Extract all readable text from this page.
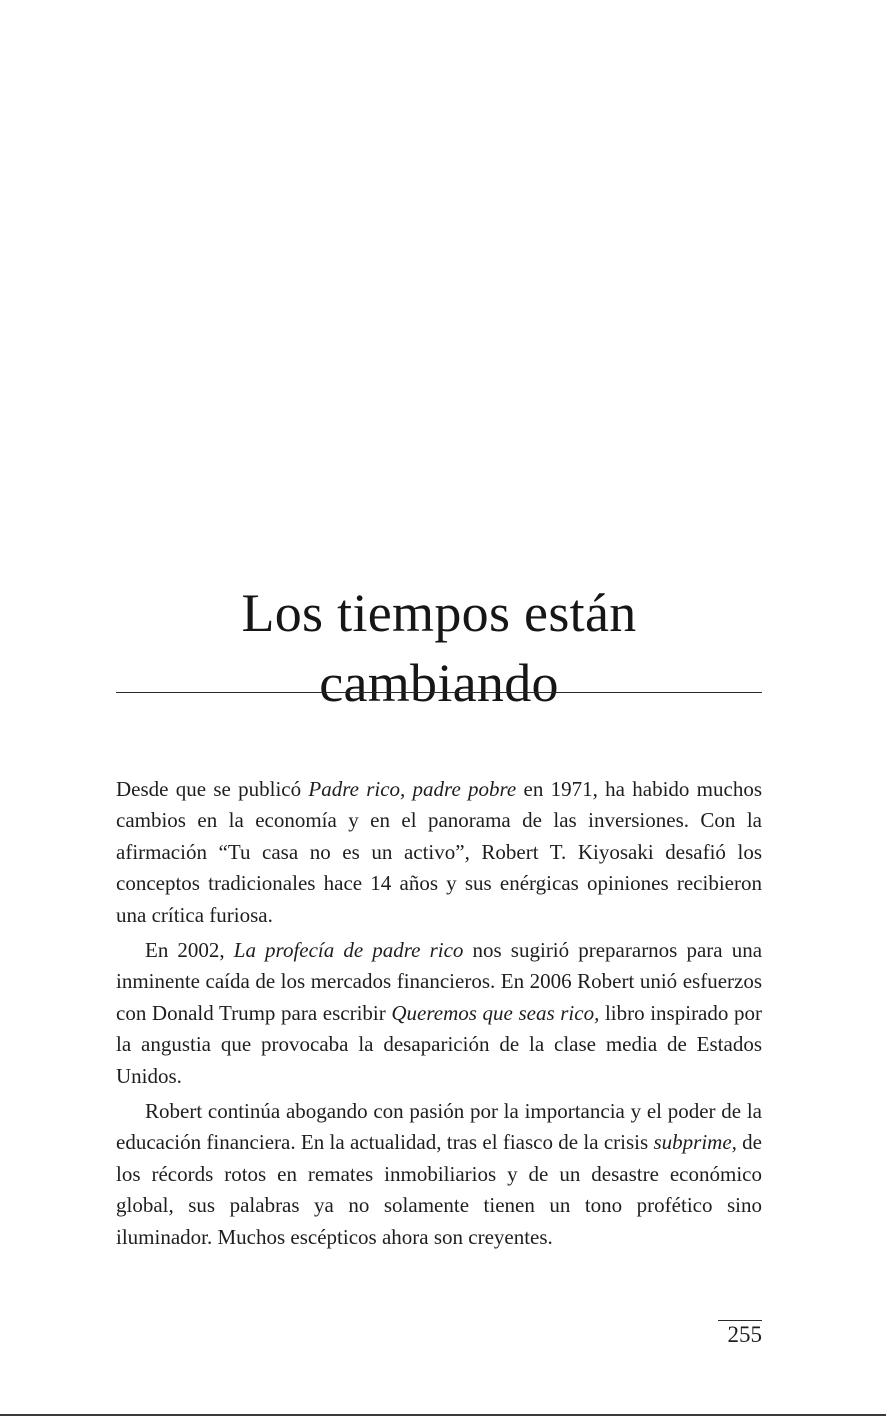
Los tiempos están
cambiando

Desde que se publicó Padre rico, padre pobre en 1971, ha habido muchos cambios en la economía y en el panorama de las inversiones. Con la afirmación “Tu casa no es un activo”, Robert T. Kiyosaki desafió los conceptos tradicionales hace 14 años y sus enérgicas opiniones recibieron una crítica furiosa.

En 2002, La profecía de padre rico nos sugirió prepararnos para una inminente caída de los mercados financieros. En 2006 Robert unió esfuerzos con Donald Trump para escribir Queremos que seas rico, libro inspirado por la angustia que provocaba la desaparición de la clase media de Estados Unidos.

Robert continúa abogando con pasión por la importancia y el poder de la educación financiera. En la actualidad, tras el fiasco de la crisis subprime, de los récords rotos en remates inmobiliarios y de un desastre económico global, sus palabras ya no solamente tienen un tono profético sino iluminador. Muchos escépticos ahora son creyentes.

255
